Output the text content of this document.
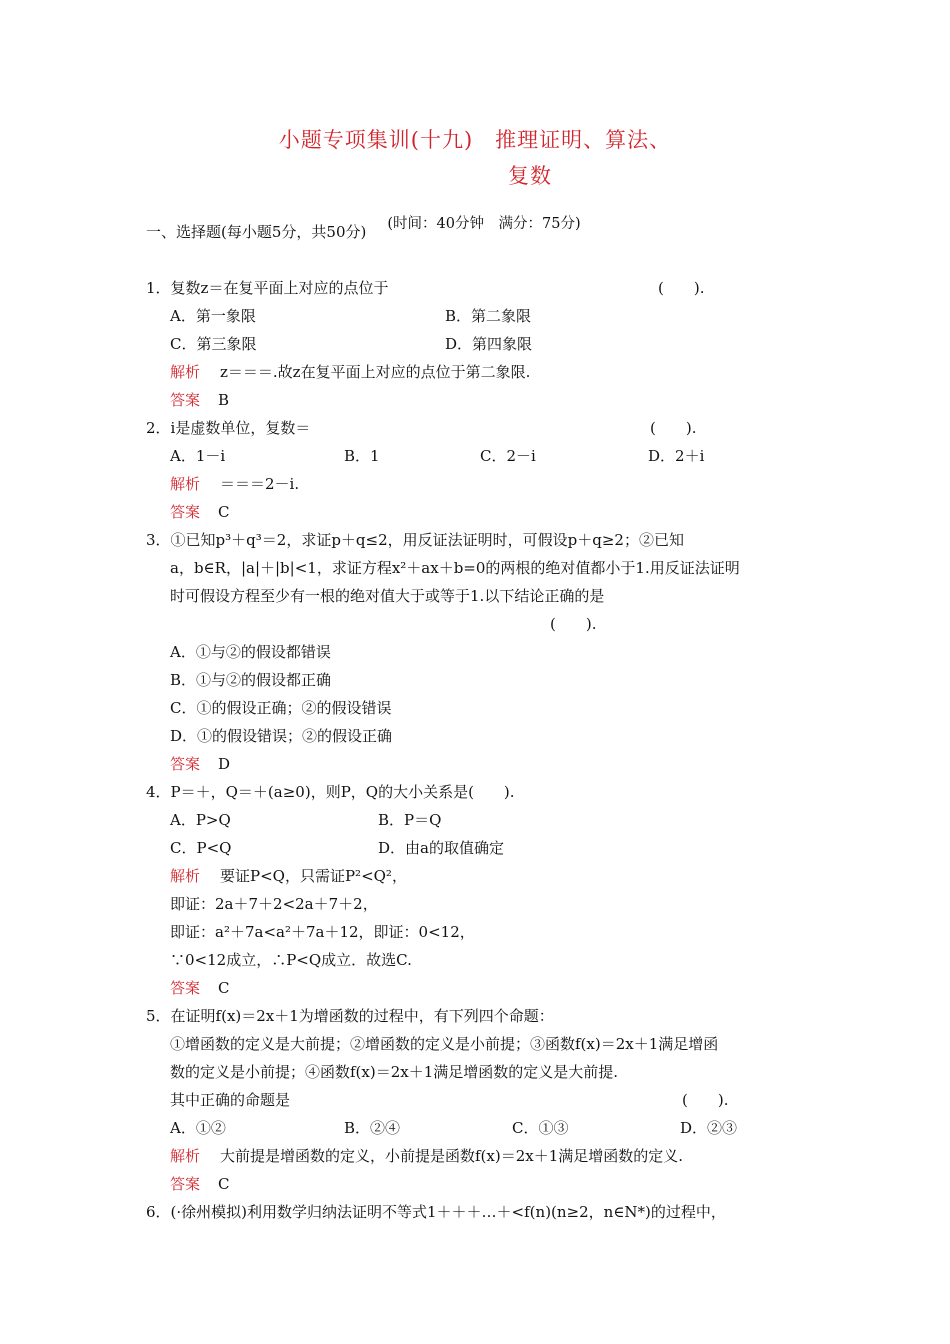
小题专项集训(十九)　推理证明、算法、
复数
(时间：40分钟　满分：75分)
一、选择题(每小题5分，共50分)
1．复数z＝在复平面上对应的点位于	(　　).
A．第一象限	B．第二象限
C．第三象限	D．第四象限
解析 z＝＝＝.故z在复平面上对应的点位于第二象限.
答案 B
2．i是虚数单位，复数＝	(　　).
A．1－i	B．1	C．2－i	D．2＋i
解析 ＝＝＝2－i.
答案 C
3．①已知p³＋q³＝2，求证p＋q≤2，用反证法证明时，可假设p＋q≥2；②已知
a，b∈R，|a|＋|b|<1，求证方程x²＋ax＋b=0的两根的绝对值都小于1.用反证法证明
时可假设方程至少有一根的绝对值大于或等于1.以下结论正确的是
(　　).
A．①与②的假设都错误
B．①与②的假设都正确
C．①的假设正确；②的假设错误
D．①的假设错误；②的假设正确
答案 D
4．P＝＋，Q＝＋(a≥0)，则P，Q的大小关系是(　　).
A．P>Q	B．P＝Q
C．P<Q	D．由a的取值确定
解析 要证P<Q，只需证P²<Q²，
即证：2a＋7＋2<2a＋7＋2，
即证：a²＋7a<a²＋7a＋12，即证：0<12，
∵0<12成立，∴P<Q成立．故选C.
答案 C
5．在证明f(x)＝2x＋1为增函数的过程中，有下列四个命题：
①增函数的定义是大前提；②增函数的定义是小前提；③函数f(x)＝2x＋1满足增函
数的定义是小前提；④函数f(x)＝2x＋1满足增函数的定义是大前提.
其中正确的命题是	(　　).
A．①②	B．②④	C．①③	D．②③
解析 大前提是增函数的定义，小前提是函数f(x)＝2x＋1满足增函数的定义.
答案 C
6．(·徐州模拟)利用数学归纳法证明不等式1＋＋＋…＋<f(n)(n≥2，n∈N*)的过程中，
